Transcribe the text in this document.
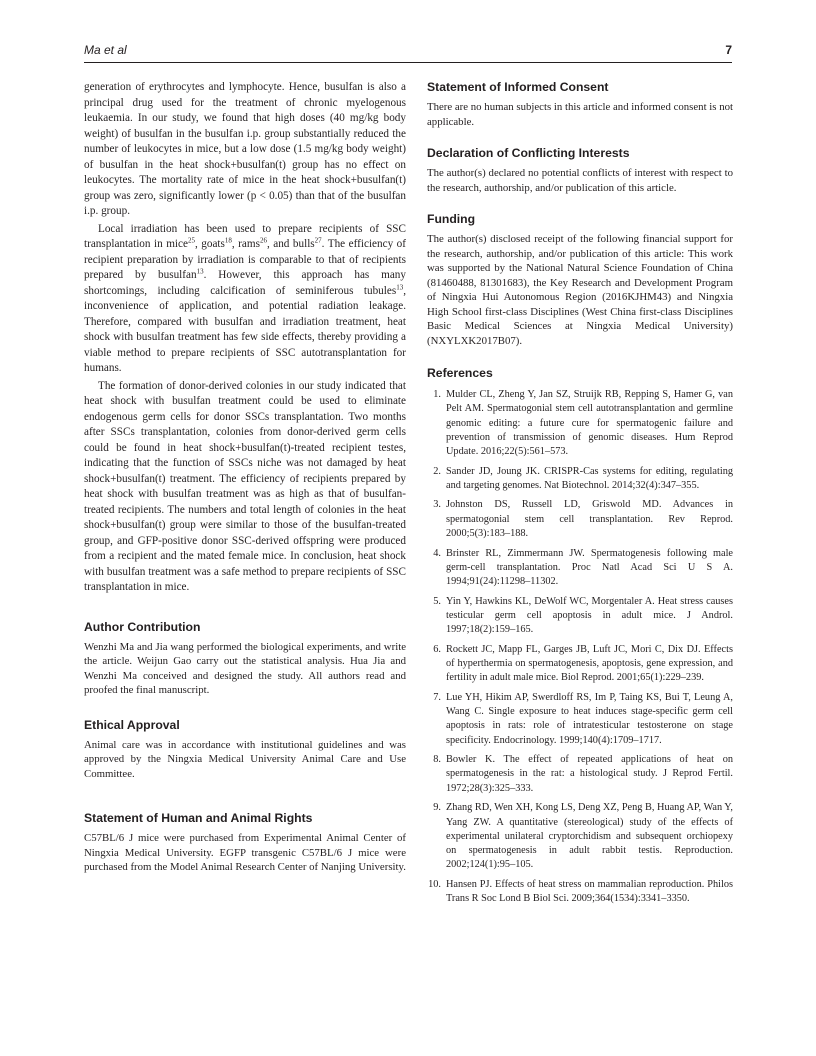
Ma et al	7

generation of erythrocytes and lymphocyte. Hence, busulfan is also a principal drug used for the treatment of chronic myelogenous leukaemia. In our study, we found that high doses (40 mg/kg body weight) of busulfan in the busulfan i.p. group substantially reduced the number of leukocytes in mice, but a low dose (1.5 mg/kg body weight) of busulfan in the heat shock+busulfan(t) group has no effect on leukocytes. The mortality rate of mice in the heat shock+busulfan(t) group was zero, significantly lower (p < 0.05) than that of the busulfan i.p. group.

Local irradiation has been used to prepare recipients of SSC transplantation in mice$^{25}$, goats$^{18}$, rams$^{26}$, and bulls$^{27}$. The efficiency of recipient preparation by irradiation is comparable to that of recipients prepared by busulfan$^{13}$. However, this approach has many shortcomings, including calcification of seminiferous tubules$^{13}$, inconvenience of application, and potential radiation leakage. Therefore, compared with busulfan and irradiation treatment, heat shock with busulfan treatment has few side effects, thereby providing a viable method to prepare recipients of SSC autotransplantation for humans.

The formation of donor-derived colonies in our study indicated that heat shock with busulfan treatment could be used to eliminate endogenous germ cells for donor SSCs transplantation. Two months after SSCs transplantation, colonies from donor-derived germ cells could be found in heat shock+busulfan(t)-treated recipient testes, indicating that the function of SSCs niche was not damaged by heat shock+busulfan(t) treatment. The efficiency of recipients prepared by heat shock with busulfan treatment was as high as that of busulfan-treated recipients. The numbers and total length of colonies in the heat shock+busulfan(t) group were similar to those of the busulfan-treated group, and GFP-positive donor SSC-derived offspring were produced from a recipient and the mated female mice. In conclusion, heat shock with busulfan treatment was a safe method to prepare recipients of SSC transplantation in mice.

Author Contribution

Wenzhi Ma and Jia wang performed the biological experiments, and write the article. Weijun Gao carry out the statistical analysis. Hua Jia and Wenzhi Ma conceived and designed the study. All authors read and proofed the final manuscript.

Ethical Approval

Animal care was in accordance with institutional guidelines and was approved by the Ningxia Medical University Animal Care and Use Committee.

Statement of Human and Animal Rights

C57BL/6 J mice were purchased from Experimental Animal Center of Ningxia Medical University. EGFP transgenic C57BL/6 J mice were purchased from the Model Animal Research Center of Nanjing University.

Statement of Informed Consent

There are no human subjects in this article and informed consent is not applicable.

Declaration of Conflicting Interests

The author(s) declared no potential conflicts of interest with respect to the research, authorship, and/or publication of this article.

Funding

The author(s) disclosed receipt of the following financial support for the research, authorship, and/or publication of this article: This work was supported by the National Natural Science Foundation of China (81460488, 81301683), the Key Research and Development Program of Ningxia Hui Autonomous Region (2016KJHM43) and Ningxia High School first-class Disciplines (West China first-class Disciplines Basic Medical Sciences at Ningxia Medical University) (NXYLXK2017B07).

References
1. Mulder CL, Zheng Y, Jan SZ, Struijk RB, Repping S, Hamer G, van Pelt AM. Spermatogonial stem cell autotransplantation and germline genomic editing: a future cure for spermatogenic failure and prevention of transmission of genomic diseases. Hum Reprod Update. 2016;22(5):561–573.
2. Sander JD, Joung JK. CRISPR-Cas systems for editing, regulating and targeting genomes. Nat Biotechnol. 2014;32(4):347–355.
3. Johnston DS, Russell LD, Griswold MD. Advances in spermatogonial stem cell transplantation. Rev Reprod. 2000;5(3):183–188.
4. Brinster RL, Zimmermann JW. Spermatogenesis following male germ-cell transplantation. Proc Natl Acad Sci U S A. 1994;91(24):11298–11302.
5. Yin Y, Hawkins KL, DeWolf WC, Morgentaler A. Heat stress causes testicular germ cell apoptosis in adult mice. J Androl. 1997;18(2):159–165.
6. Rockett JC, Mapp FL, Garges JB, Luft JC, Mori C, Dix DJ. Effects of hyperthermia on spermatogenesis, apoptosis, gene expression, and fertility in adult male mice. Biol Reprod. 2001;65(1):229–239.
7. Lue YH, Hikim AP, Swerdloff RS, Im P, Taing KS, Bui T, Leung A, Wang C. Single exposure to heat induces stage-specific germ cell apoptosis in rats: role of intratesticular testosterone on stage specificity. Endocrinology. 1999;140(4):1709–1717.
8. Bowler K. The effect of repeated applications of heat on spermatogenesis in the rat: a histological study. J Reprod Fertil. 1972;28(3):325–333.
9. Zhang RD, Wen XH, Kong LS, Deng XZ, Peng B, Huang AP, Wan Y, Yang ZW. A quantitative (stereological) study of the effects of experimental unilateral cryptorchidism and subsequent orchiopexy on spermatogenesis in adult rabbit testis. Reproduction. 2002;124(1):95–105.
10. Hansen PJ. Effects of heat stress on mammalian reproduction. Philos Trans R Soc Lond B Biol Sci. 2009;364(1534):3341–3350.
